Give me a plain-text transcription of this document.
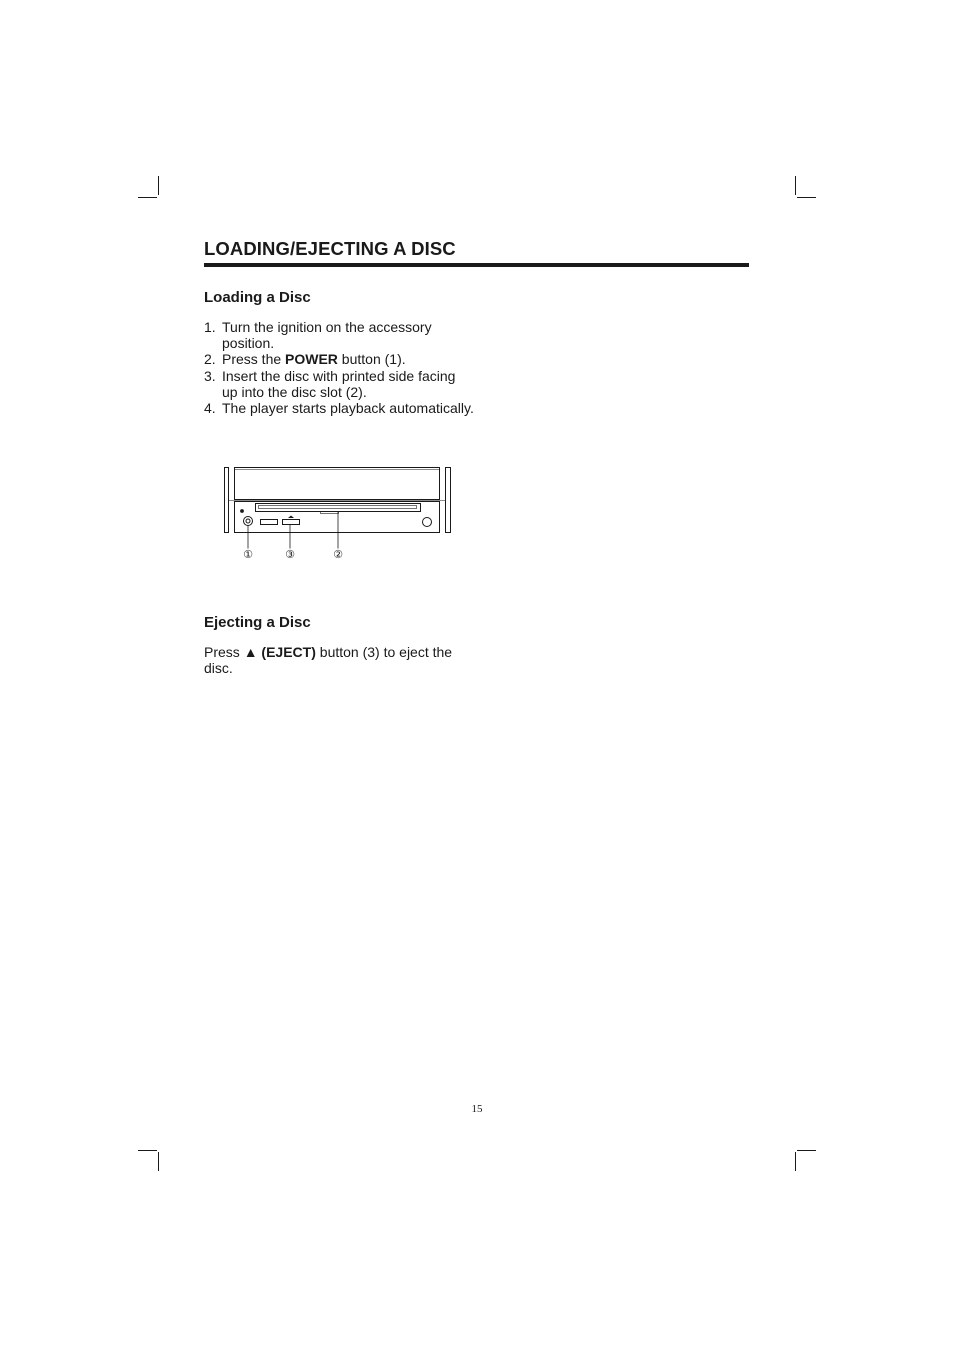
LOADING/EJECTING A DISC
Loading a Disc
1. Turn the ignition on the accessory position.
2. Press the POWER button (1).
3. Insert the disc with printed side facing up into the disc slot (2).
4. The player starts playback automatically.
①	③	②
Ejecting a Disc

Press ▲ (EJECT) button (3) to eject the disc.

15
